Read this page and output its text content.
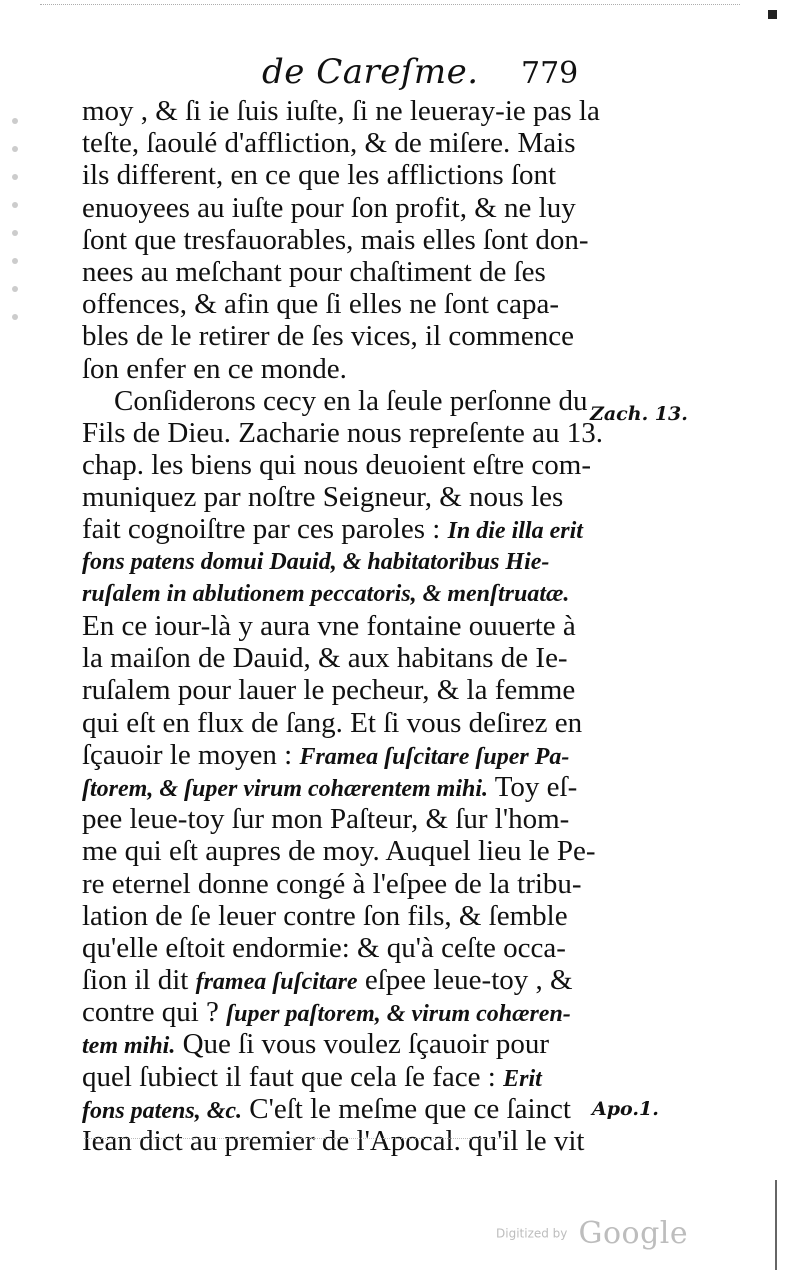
de Careſme. 779
moy , & ſi ie ſuis iuſte, ſi ne leueray-ie pas la
teſte, ſaoulé d'affliction, & de miſere. Mais
ils different, en ce que les afflictions ſont
enuoyees au iuſte pour ſon profit, & ne luy
ſont que tresfauorables, mais elles ſont don-
nees au meſchant pour chaſtiment de ſes
offences, & afin que ſi elles ne ſont capa-
bles de le retirer de ſes vices, il commence
ſon enfer en ce monde.
Conſiderons cecy en la ſeule perſonne du
Fils de Dieu. Zacharie nous repreſente au 13.
chap. les biens qui nous deuoient eſtre com-
muniquez par noſtre Seigneur, & nous les
fait cognoiſtre par ces paroles : In die illa erit
fons patens domui Dauid, & habitatoribus Hie-
ruſalem in ablutionem peccatoris, & menſtruatæ.
En ce iour-là y aura vne fontaine ouuerte à
la maiſon de Dauid, & aux habitans de Ie-
ruſalem pour lauer le pecheur, & la femme
qui eſt en flux de ſang. Et ſi vous deſirez en
ſçauoir le moyen : Framea ſuſcitare ſuper Pa-
ſtorem, & ſuper virum cohærentem mihi. Toy eſ-
pee leue-toy ſur mon Paſteur, & ſur l'hom-
me qui eſt aupres de moy. Auquel lieu le Pe-
re eternel donne congé à l'eſpee de la tribu-
lation de ſe leuer contre ſon fils, & ſemble
qu'elle eſtoit endormie: & qu'à ceſte occa-
ſion il dit framea ſuſcitare eſpee leue-toy , &
contre qui ? ſuper paſtorem, & virum cohæren-
tem mihi. Que ſi vous voulez ſçauoir pour
quel ſubiect il faut que cela ſe face : Erit
fons patens, &c. C'eſt le meſme que ce ſainct
Iean dict au premier de l'Apocal. qu'il le vit
Zach. 13.
Apo.1.
Digitized by Google
